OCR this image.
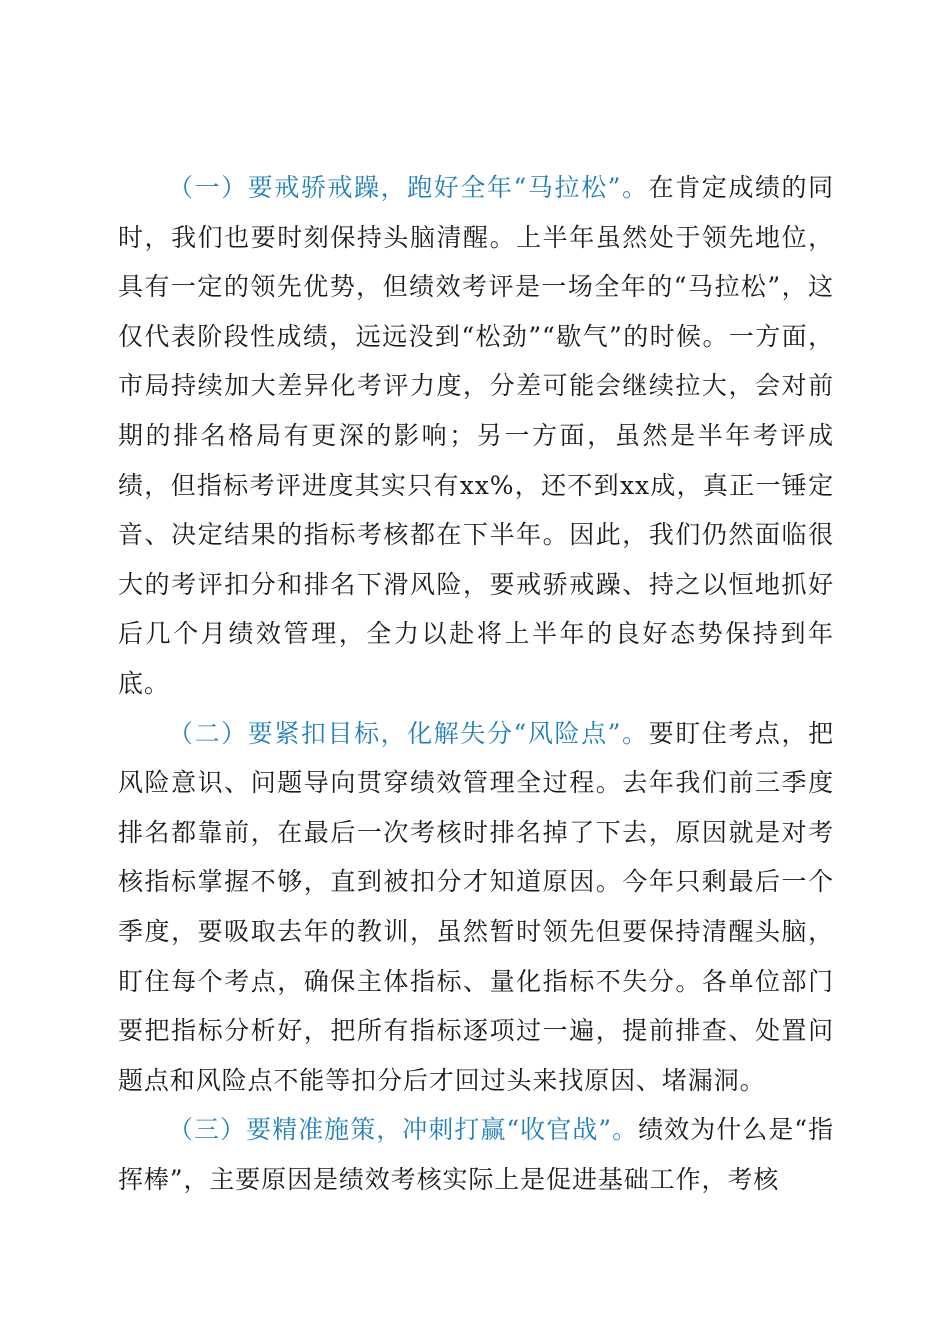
（一）要戒骄戒躁，跑好全年“马拉松”。在肯定成绩的同时，我们也要时刻保持头脑清醒。上半年虽然处于领先地位，具有一定的领先优势，但绩效考评是一场全年的“马拉松”，这仅代表阶段性成绩，远远没到“松劲”“歇气”的时候。一方面，市局持续加大差异化考评力度，分差可能会继续拉大，会对前期的排名格局有更深的影响；另一方面，虽然是半年考评成绩，但指标考评进度其实只有xx%，还不到xx成，真正一锤定音、决定结果的指标考核都在下半年。因此，我们仍然面临很大的考评扣分和排名下滑风险，要戒骄戒躁、持之以恒地抓好后几个月绩效管理，全力以赴将上半年的良好态势保持到年底。

（二）要紧扣目标，化解失分“风险点”。要盯住考点，把风险意识、问题导向贯穿绩效管理全过程。去年我们前三季度排名都靠前，在最后一次考核时排名掉了下去，原因就是对考核指标掌握不够，直到被扣分才知道原因。今年只剩最后一个季度，要吸取去年的教训，虽然暂时领先但要保持清醒头脑，盯住每个考点，确保主体指标、量化指标不失分。各单位部门要把指标分析好，把所有指标逐项过一遍，提前排查、处置问题点和风险点不能等扣分后才回过头来找原因、堵漏洞。

（三）要精准施策，冲刺打赢“收官战”。绩效为什么是“指挥棒”，主要原因是绩效考核实际上是促进基础工作，考核
